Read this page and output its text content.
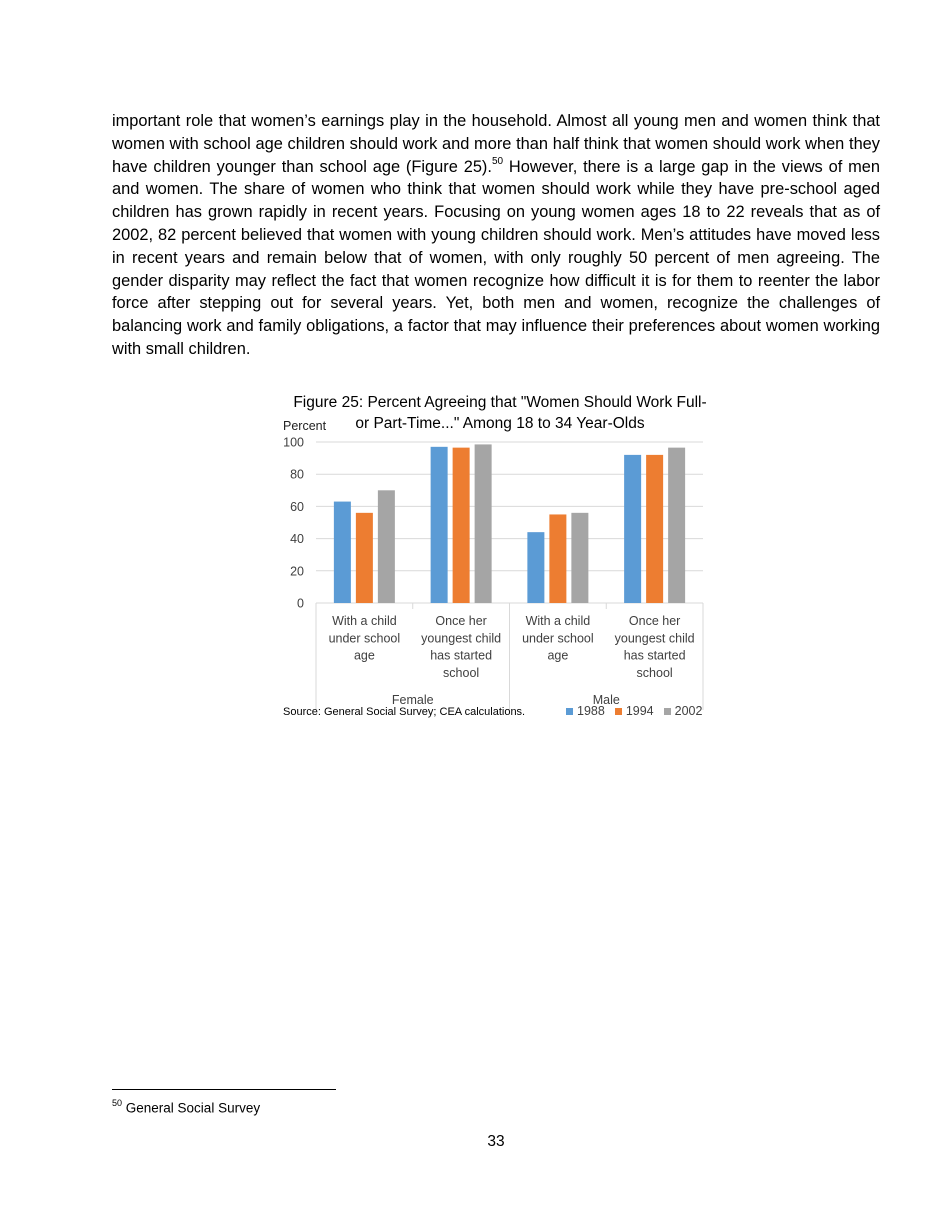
important role that women’s earnings play in the household. Almost all young men and women think that women with school age children should work and more than half think that women should work when they have children younger than school age (Figure 25).$^{50}$ However, there is a large gap in the views of men and women. The share of women who think that women should work while they have pre-school aged children has grown rapidly in recent years. Focusing on young women ages 18 to 22 reveals that as of 2002, 82 percent believed that women with young children should work. Men’s attitudes have moved less in recent years and remain below that of women, with only roughly 50 percent of men agreeing. The gender disparity may reflect the fact that women recognize how difficult it is for them to reenter the labor force after stepping out for several years. Yet, both men and women, recognize the challenges of balancing work and family obligations, a factor that may influence their preferences about women working with small children.

Figure 25: Percent Agreeing that "Women Should Work Full-
or Part-Time..." Among 18 to 34 Year-Olds
Percent
0
20
40
60
80
100
With a child
under school
age
Once her
youngest child
has started
school
Female
With a child
under school
age
Once her
youngest child
has started
school
Male
Source: General Social Survey; CEA calculations.	1988 1994 2002
$^{50}$ General Social Survey
33
